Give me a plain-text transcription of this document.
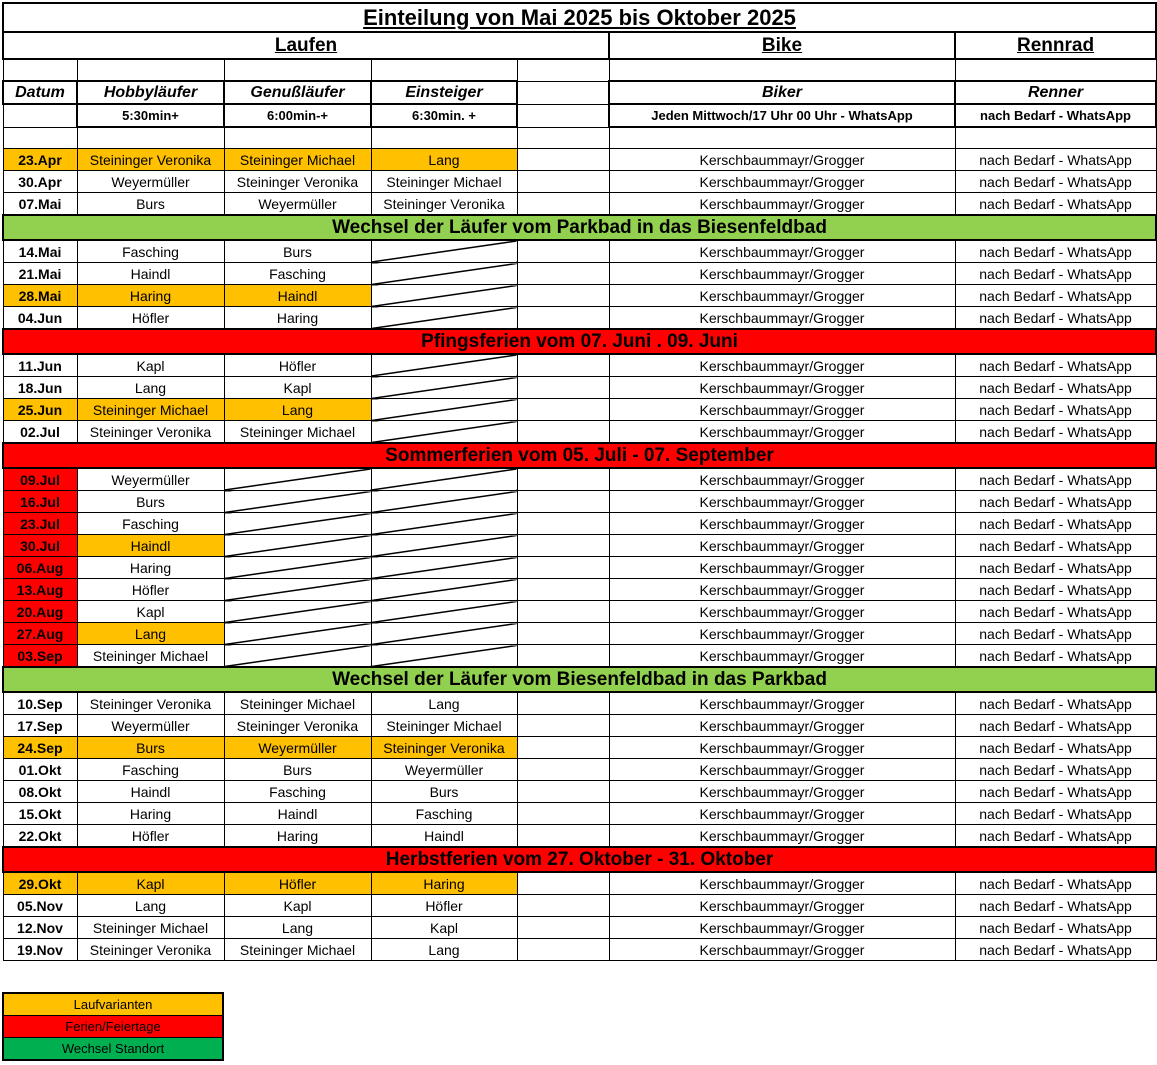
Einteilung von Mai 2025 bis Oktober 2025						
Laufen					Bike	Rennrad

Datum	Hobbyläufer	Genußläufer	Einsteiger		Biker	Renner
	5:30min+	6:00min-+	6:30min. +		Jeden Mittwoch/17 Uhr 00 Uhr - WhatsApp	nach Bedarf - WhatsApp

23.Apr	Steininger Veronika	Steininger Michael	Lang		Kerschbaummayr/Grogger	nach Bedarf - WhatsApp
30.Apr	Weyermüller	Steininger Veronika	Steininger Michael		Kerschbaummayr/Grogger	nach Bedarf - WhatsApp
07.Mai	Burs	Weyermüller	Steininger Veronika		Kerschbaummayr/Grogger	nach Bedarf - WhatsApp
Wechsel der Läufer vom Parkbad in das Biesenfeldbad						
14.Mai	Fasching	Burs			Kerschbaummayr/Grogger	nach Bedarf - WhatsApp
21.Mai	Haindl	Fasching			Kerschbaummayr/Grogger	nach Bedarf - WhatsApp
28.Mai	Haring	Haindl			Kerschbaummayr/Grogger	nach Bedarf - WhatsApp
04.Jun	Höfler	Haring			Kerschbaummayr/Grogger	nach Bedarf - WhatsApp
Pfingsferien vom 07. Juni . 09. Juni						
11.Jun	Kapl	Höfler			Kerschbaummayr/Grogger	nach Bedarf - WhatsApp
18.Jun	Lang	Kapl			Kerschbaummayr/Grogger	nach Bedarf - WhatsApp
25.Jun	Steininger Michael	Lang			Kerschbaummayr/Grogger	nach Bedarf - WhatsApp
02.Jul	Steininger Veronika	Steininger Michael			Kerschbaummayr/Grogger	nach Bedarf - WhatsApp
Sommerferien vom 05. Juli - 07. September						
09.Jul	Weyermüller				Kerschbaummayr/Grogger	nach Bedarf - WhatsApp
16.Jul	Burs				Kerschbaummayr/Grogger	nach Bedarf - WhatsApp
23.Jul	Fasching				Kerschbaummayr/Grogger	nach Bedarf - WhatsApp
30.Jul	Haindl				Kerschbaummayr/Grogger	nach Bedarf - WhatsApp
06.Aug	Haring				Kerschbaummayr/Grogger	nach Bedarf - WhatsApp
13.Aug	Höfler				Kerschbaummayr/Grogger	nach Bedarf - WhatsApp
20.Aug	Kapl				Kerschbaummayr/Grogger	nach Bedarf - WhatsApp
27.Aug	Lang				Kerschbaummayr/Grogger	nach Bedarf - WhatsApp
03.Sep	Steininger Michael				Kerschbaummayr/Grogger	nach Bedarf - WhatsApp
Wechsel der Läufer vom Biesenfeldbad in das Parkbad						
10.Sep	Steininger Veronika	Steininger Michael	Lang		Kerschbaummayr/Grogger	nach Bedarf - WhatsApp
17.Sep	Weyermüller	Steininger Veronika	Steininger Michael		Kerschbaummayr/Grogger	nach Bedarf - WhatsApp
24.Sep	Burs	Weyermüller	Steininger Veronika		Kerschbaummayr/Grogger	nach Bedarf - WhatsApp
01.Okt	Fasching	Burs	Weyermüller		Kerschbaummayr/Grogger	nach Bedarf - WhatsApp
08.Okt	Haindl	Fasching	Burs		Kerschbaummayr/Grogger	nach Bedarf - WhatsApp
15.Okt	Haring	Haindl	Fasching		Kerschbaummayr/Grogger	nach Bedarf - WhatsApp
22.Okt	Höfler	Haring	Haindl		Kerschbaummayr/Grogger	nach Bedarf - WhatsApp
Herbstferien vom 27. Oktober - 31. Oktober						
29.Okt	Kapl	Höfler	Haring		Kerschbaummayr/Grogger	nach Bedarf - WhatsApp
05.Nov	Lang	Kapl	Höfler		Kerschbaummayr/Grogger	nach Bedarf - WhatsApp
12.Nov	Steininger Michael	Lang	Kapl		Kerschbaummayr/Grogger	nach Bedarf - WhatsApp
19.Nov	Steininger Veronika	Steininger Michael	Lang		Kerschbaummayr/Grogger	nach Bedarf - WhatsApp
Laufvarianten
Ferien/Feiertage
Wechsel Standort
